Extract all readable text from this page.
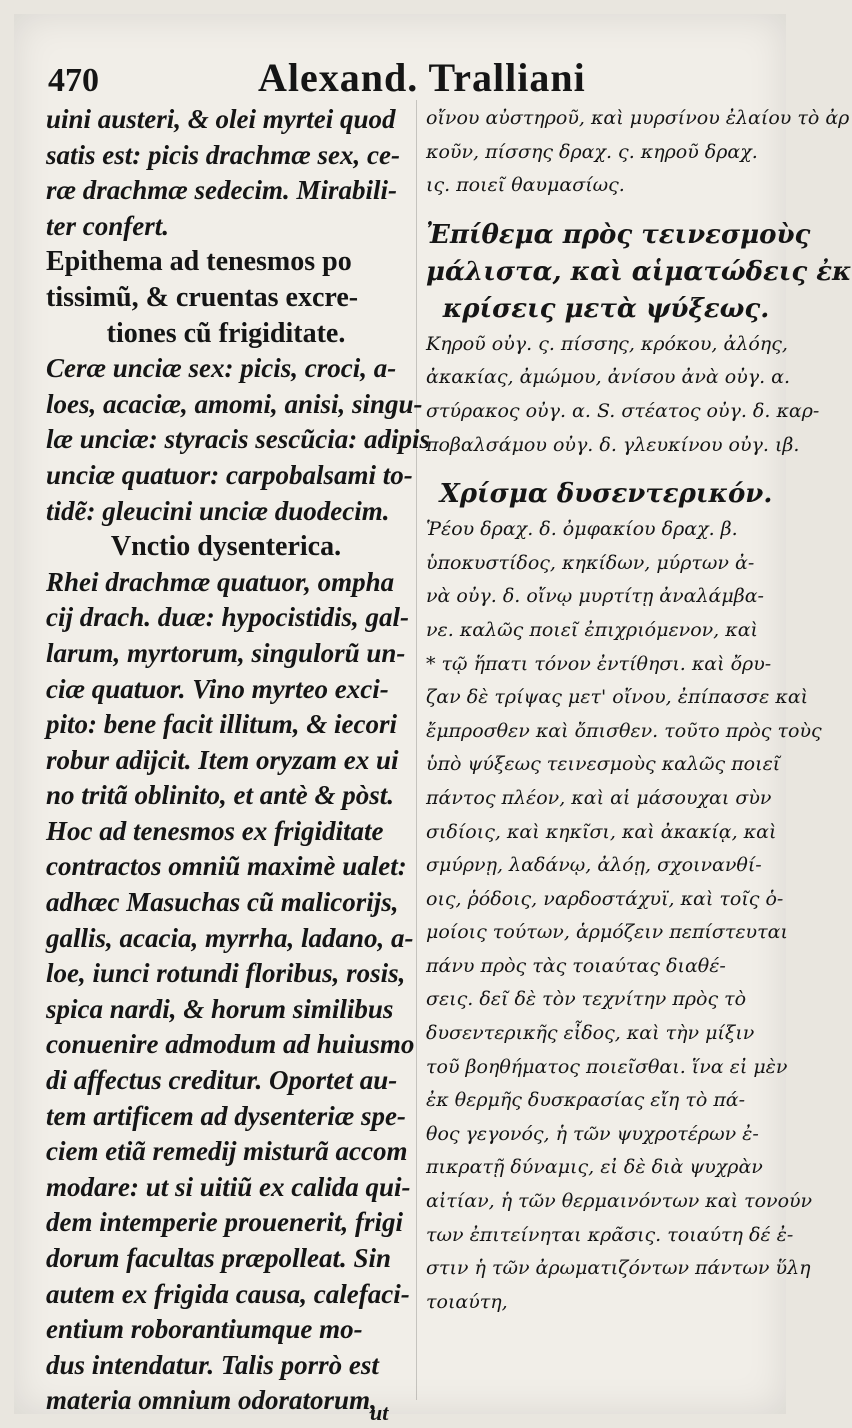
470	Alexand. Tralliani
uini austeri, & olei myrtei quod
satis est: picis drachmæ sex, ce-
ræ drachmæ sedecim. Mirabili-
ter confert.
Epithema ad tenesmos po
tissimũ, & cruentas excre-
tiones cũ frigiditate.
Ceræ unciæ sex: picis, croci, a-
loes, acaciæ, amomi, anisi, singu-
læ unciæ: styracis sescũcia: adipis
unciæ quatuor: carpobalsami to-
tidẽ: gleucini unciæ duodecim.
Vnctio dysenterica.
Rhei drachmæ quatuor, ompha
cij drach. duæ: hypocistidis, gal-
larum, myrtorum, singulorũ un-
ciæ quatuor. Vino myrteo exci-
pito: bene facit illitum, & iecori
robur adijcit. Item oryzam ex ui
no tritã oblinito, et antè & pòst.
Hoc ad tenesmos ex frigiditate
contractos omniũ maximè ualet:
adhæc Masuchas cũ malicorijs,
gallis, acacia, myrrha, ladano, a-
loe, iunci rotundi floribus, rosis,
spica nardi, & horum similibus
conuenire admodum ad huiusmo
di affectus creditur. Oportet au-
tem artificem ad dysenteriæ spe-
ciem etiã remedij misturã accom
modare: ut si uitiũ ex calida qui-
dem intemperie prouenerit, frigi
dorum facultas præpolleat. Sin
autem ex frigida causa, calefaci-
entium roborantiumque mo-
dus intendatur. Talis porrò est
materia omnium odoratorum,
οἴνου αὐστηροῦ, καὶ μυρσίνου ἐλαίου τὸ ἀρ
κοῦν, πίσσης δραχ. ς. κηροῦ δραχ.
ις. ποιεῖ θαυμασίως.
Ἐπίθεμα πρὸς τεινεσμοὺς
μάλιστα, καὶ αἱματώδεις ἐκ
κρίσεις μετὰ ψύξεως.
Κηροῦ οὐγ. ς. πίσσης, κρόκου, ἀλόης,
ἀκακίας, ἀμώμου, ἀνίσου ἀνὰ οὐγ. α.
στύρακος οὐγ. α. S. στέατος οὐγ. δ. καρ-
ποβαλσάμου οὐγ. δ. γλευκίνου οὐγ. ιβ.
Χρίσμα δυσεντερικόν.
Ῥέου δραχ. δ. ὀμφακίου δραχ. β.
ὑποκυστίδος, κηκίδων, μύρτων ἀ-
νὰ οὐγ. δ. οἴνῳ μυρτίτῃ ἀναλάμβα-
νε. καλῶς ποιεῖ ἐπιχριόμενον, καὶ
* τῷ ἥπατι τόνον ἐντίθησι. καὶ ὄρυ-
ζαν δὲ τρίψας μετ' οἴνου, ἐπίπασσε καὶ
ἔμπροσθεν καὶ ὄπισθεν. τοῦτο πρὸς τοὺς
ὑπὸ ψύξεως τεινεσμοὺς καλῶς ποιεῖ
πάντος πλέον, καὶ αἱ μάσουχαι σὺν
σιδίοις, καὶ κηκῖσι, καὶ ἀκακίᾳ, καὶ
σμύρνῃ, λαδάνῳ, ἀλόῃ, σχοινανθί-
οις, ῥόδοις, ναρδοστάχυϊ, καὶ τοῖς ὁ-
μοίοις τούτων, ἁρμόζειν πεπίστευται
πάνυ πρὸς τὰς τοιαύτας διαθέ-
σεις. δεῖ δὲ τὸν τεχνίτην πρὸς τὸ
δυσεντερικῆς εἶδος, καὶ τὴν μίξιν
τοῦ βοηθήματος ποιεῖσθαι. ἵνα εἰ μὲν
ἐκ θερμῆς δυσκρασίας εἴη τὸ πά-
θος γεγονός, ἡ τῶν ψυχροτέρων ἐ-
πικρατῇ δύναμις, εἰ δὲ διὰ ψυχρὰν
αἰτίαν, ἡ τῶν θερμαινόντων καὶ τονούν
των ἐπιτείνηται κρᾶσις. τοιαύτη δέ ἐ-
στιν ἡ τῶν ἀρωματιζόντων πάντων ὕλη
τοιαύτη,
ut
